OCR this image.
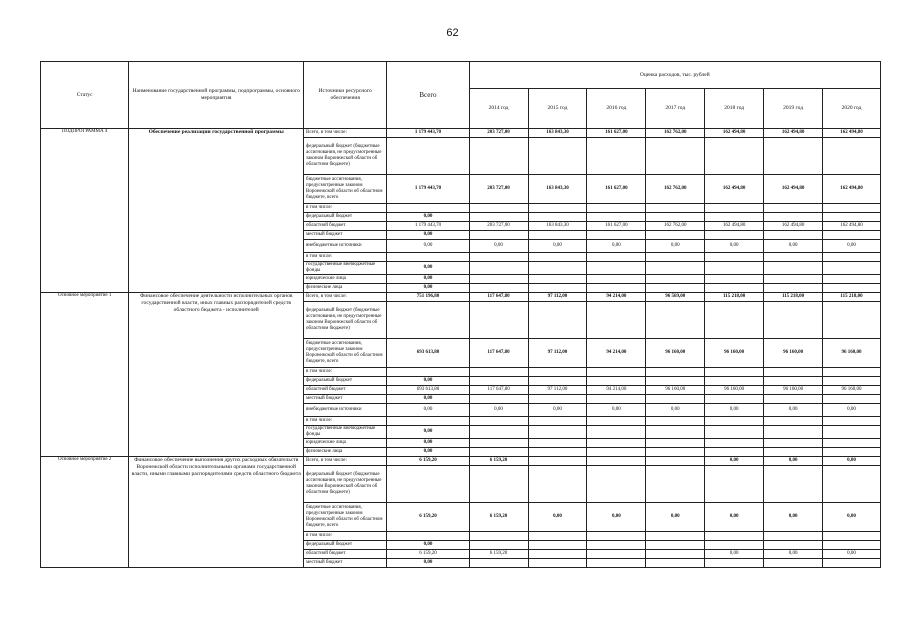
62
Статус	Наименование государственной программы, подпрограммы, основного мероприятия	Источники ресурсного обеспечения	Всего	Оценка расходов, тыс. рублей						
				2014 год	2015 год	2016 год	2017 год	2018 год	2019 год	2020 год
ПОДПРОГРАММА 4	Обеспечение реализации государственной программы	Всего, в том числе:	1 179 443,70	203 727,00	163 843,30	161 627,00	162 762,00	162 494,80	162 494,80	162 494,80
		федеральный бюджет (бюджетные ассигнования, не предусмотренные законом Воронежской области об областном бюджете)								
		бюджетные ассигнования, предусмотренные законом Воронежской области об областном бюджете, всего	1 179 443,70	203 727,00	163 843,30	161 627,00	162 762,00	162 494,80	162 494,80	162 494,80
		в том числе:								
		федеральный бюджет	0,00							
		областной бюджет	1 179 443,70	203 727,00	163 843,30	161 627,00	162 762,00	162 494,80	162 494,80	162 494,80
		местный бюджет	0,00							
		внебюджетные источники	0,00	0,00	0,00	0,00	0,00	0,00	0,00	0,00
		в том числе:								
		государственные внебюджетные фонды	0,00							
		юридические лица	0,00							
		физические лица	0,00							
Основное мероприятие 1	Финансовое обеспечение деятельности исполнительных органов государственной власти, иных главных распорядителей средств областного бюджета - исполнителей	Всего, в том числе:	751 196,80	117 647,80	97 112,00	94 214,00	96 569,00	115 218,00	115 218,00	115 218,00
		федеральный бюджет (бюджетные ассигнования, не предусмотренные законом Воронежской области об областном бюджете)								
		бюджетные ассигнования, предусмотренные законом Воронежской области об областном бюджете, всего	693 613,80	117 647,80	97 112,00	94 214,00	96 160,00	96 160,00	96 160,00	96 160,00
		в том числе:								
		федеральный бюджет	0,00							
		областной бюджет	693 613,80	117 647,80	97 112,00	94 214,00	96 160,00	96 160,00	96 160,00	96 160,00
		местный бюджет	0,00							
		внебюджетные источники	0,00	0,00	0,00	0,00	0,00	0,00	0,00	0,00
		в том числе:								
		государственные внебюджетные фонды	0,00							
		юридические лица	0,00							
		физические лица	0,00							
Основное мероприятие 2	Финансовое обеспечение выполнения других расходных обязательств Воронежской области исполнительными органами государственной власти, иными главными распорядителями средств областного бюджета	Всего, в том числе:	6 159,20	6 159,20				0,00	0,00	0,00
		федеральный бюджет (бюджетные ассигнования, не предусмотренные законом Воронежской области об областном бюджете)								
		бюджетные ассигнования, предусмотренные законом Воронежской области об областном бюджете, всего	6 159,20	6 159,20	0,00	0,00	0,00	0,00	0,00	0,00
		в том числе:								
		федеральный бюджет	0,00							
		областной бюджет	6 159,20	6 159,20				0,00	0,00	0,00
		местный бюджет	0,00							
